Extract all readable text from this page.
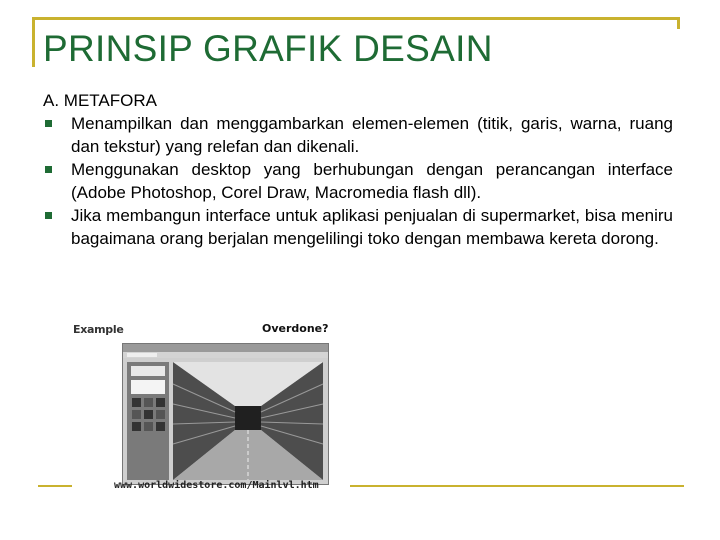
PRINSIP GRAFIK DESAIN

A. METAFORA

Menampilkan dan menggambarkan elemen-elemen (titik, garis, warna, ruang dan tekstur) yang relefan dan dikenali.
Menggunakan desktop yang berhubungan dengan perancangan interface (Adobe Photoshop, Corel Draw, Macromedia flash dll).
Jika membangun interface untuk aplikasi penjualan di supermarket, bisa meniru bagaimana orang berjalan mengelilingi toko dengan membawa kereta dorong.
Example	Overdone?
www.worldwidestore.com/Mainlvl.htm
